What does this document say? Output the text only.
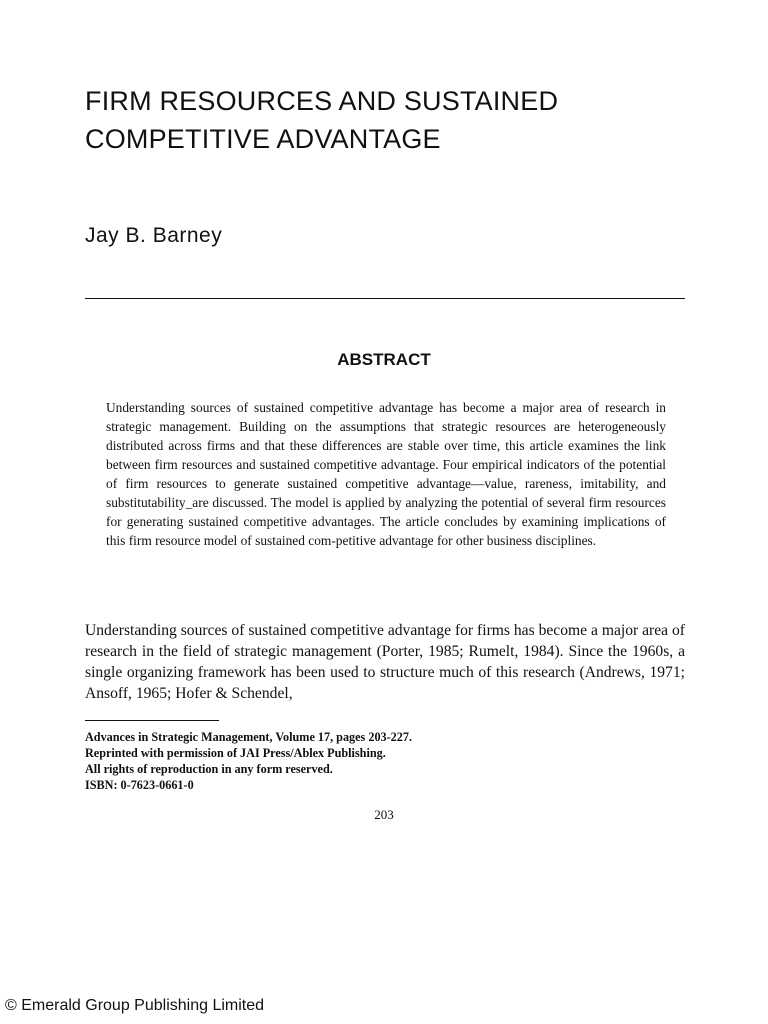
FIRM RESOURCES AND SUSTAINED
COMPETITIVE ADVANTAGE
Jay B. Barney
ABSTRACT

Understanding sources of sustained competitive advantage has become a major area of research in strategic management. Building on the assumptions that strategic resources are heterogeneously distributed across firms and that these differences are stable over time, this article examines the link between firm resources and sustained competitive advantage. Four empirical indicators of the potential of firm resources to generate sustained competitive advantage—value, rareness, imitability, and substitutability_are discussed. The model is applied by analyzing the potential of several firm resources for generating sustained competitive advantages. The article concludes by examining implications of this firm resource model of sustained com-petitive advantage for other business disciplines.

Understanding sources of sustained competitive advantage for firms has become a major area of research in the field of strategic management (Porter, 1985; Rumelt, 1984). Since the 1960s, a single organizing framework has been used to structure much of this research (Andrews, 1971; Ansoff, 1965; Hofer & Schendel,

Advances in Strategic Management, Volume 17, pages 203-227.
Reprinted with permission of JAI Press/Ablex Publishing.
All rights of reproduction in any form reserved.
ISBN: 0-7623-0661-0
203
© Emerald Group Publishing Limited
